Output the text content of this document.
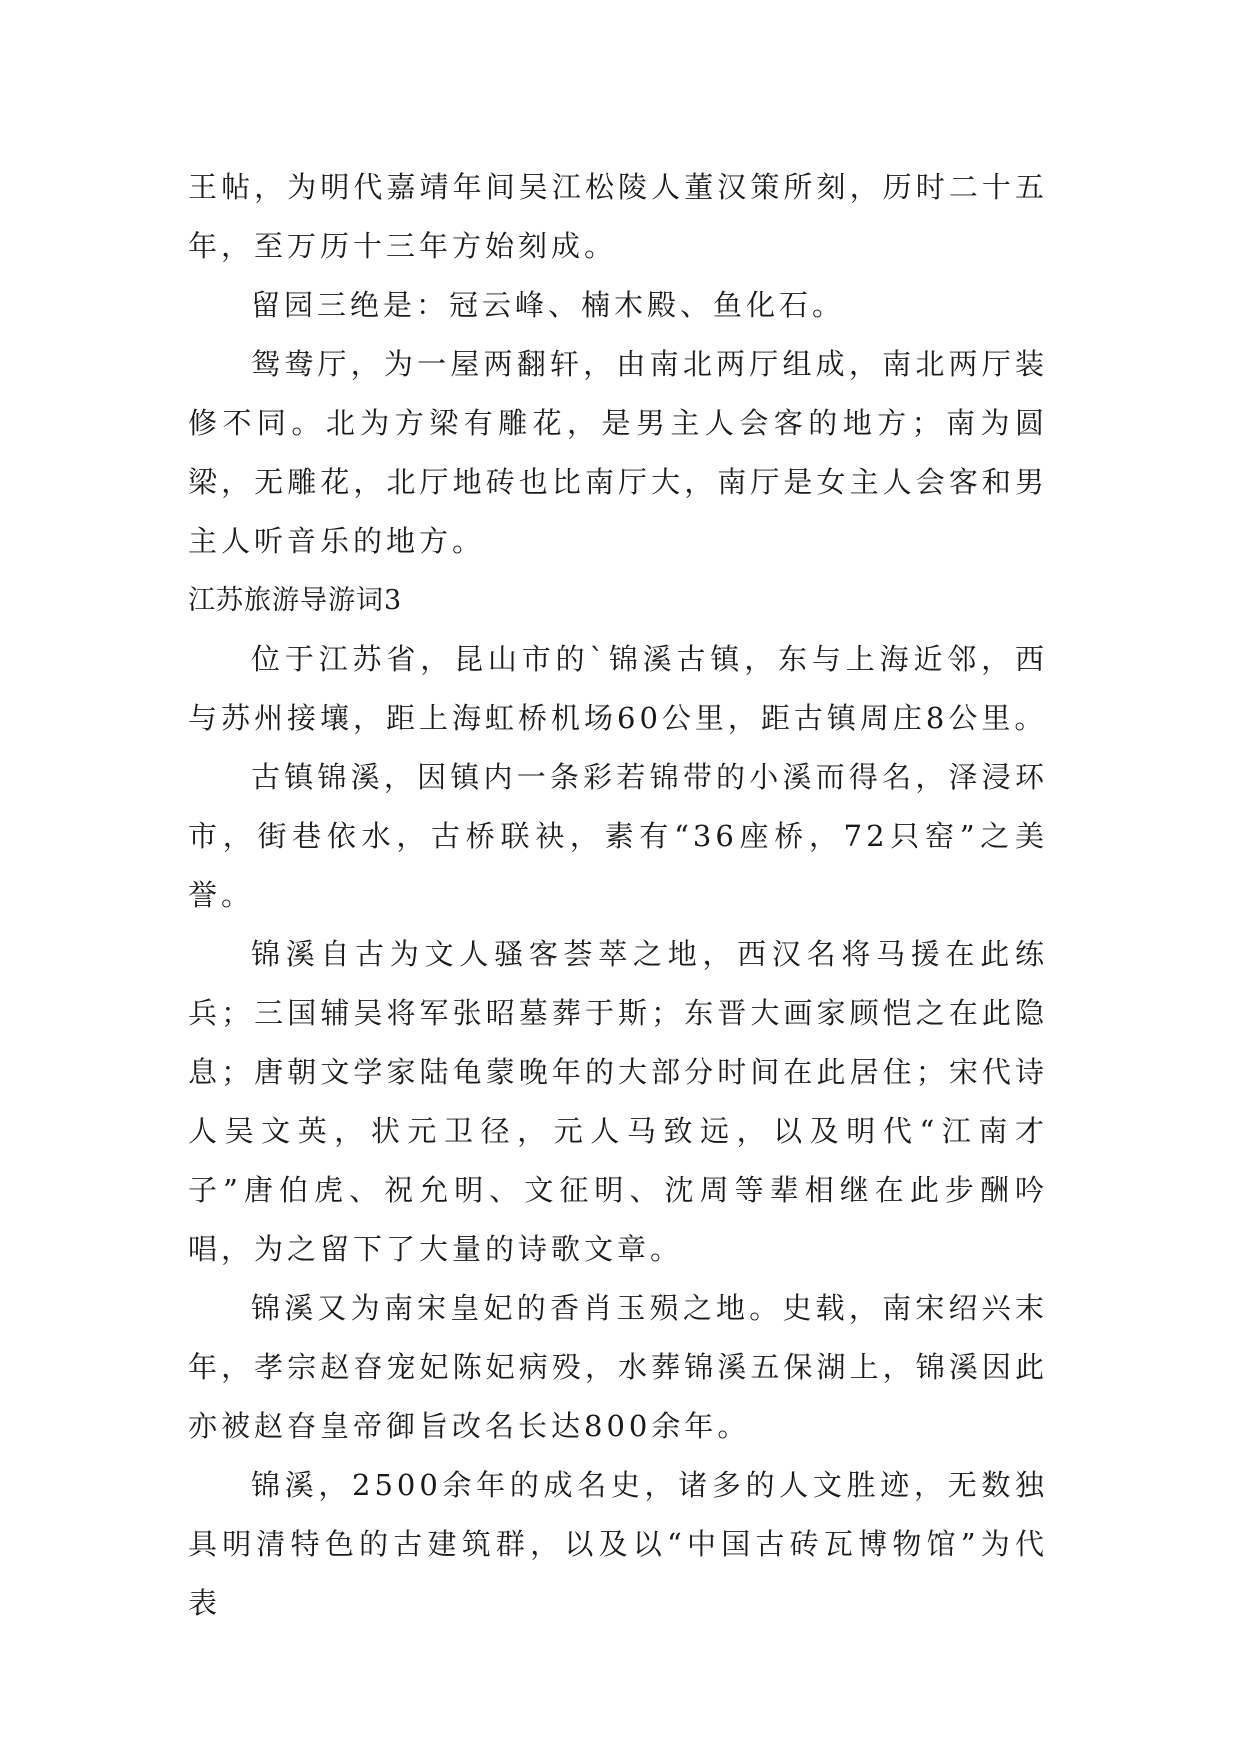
王帖，为明代嘉靖年间吴江松陵人董汉策所刻，历时二十五年，至万历十三年方始刻成。

留园三绝是：冠云峰、楠木殿、鱼化石。

鸳鸯厅，为一屋两翻轩，由南北两厅组成，南北两厅装修不同。北为方梁有雕花，是男主人会客的地方；南为圆梁，无雕花，北厅地砖也比南厅大，南厅是女主人会客和男主人听音乐的地方。

江苏旅游导游词3

位于江苏省，昆山市的`锦溪古镇，东与上海近邻，西与苏州接壤，距上海虹桥机场60公里，距古镇周庄8公里。

古镇锦溪，因镇内一条彩若锦带的小溪而得名，泽浸环市，街巷依水，古桥联袂，素有“36座桥，72只窑”之美誉。

锦溪自古为文人骚客荟萃之地，西汉名将马援在此练兵；三国辅吴将军张昭墓葬于斯；东晋大画家顾恺之在此隐息；唐朝文学家陆龟蒙晚年的大部分时间在此居住；宋代诗人吴文英，状元卫径，元人马致远，以及明代“江南才子”唐伯虎、祝允明、文征明、沈周等辈相继在此步酬吟唱，为之留下了大量的诗歌文章。

锦溪又为南宋皇妃的香肖玉殒之地。史载，南宋绍兴末年，孝宗赵昚宠妃陈妃病殁，水葬锦溪五保湖上，锦溪因此亦被赵昚皇帝御旨改名长达800余年。

锦溪，2500余年的成名史，诸多的人文胜迹，无数独具明清特色的古建筑群，以及以“中国古砖瓦博物馆”为代表
